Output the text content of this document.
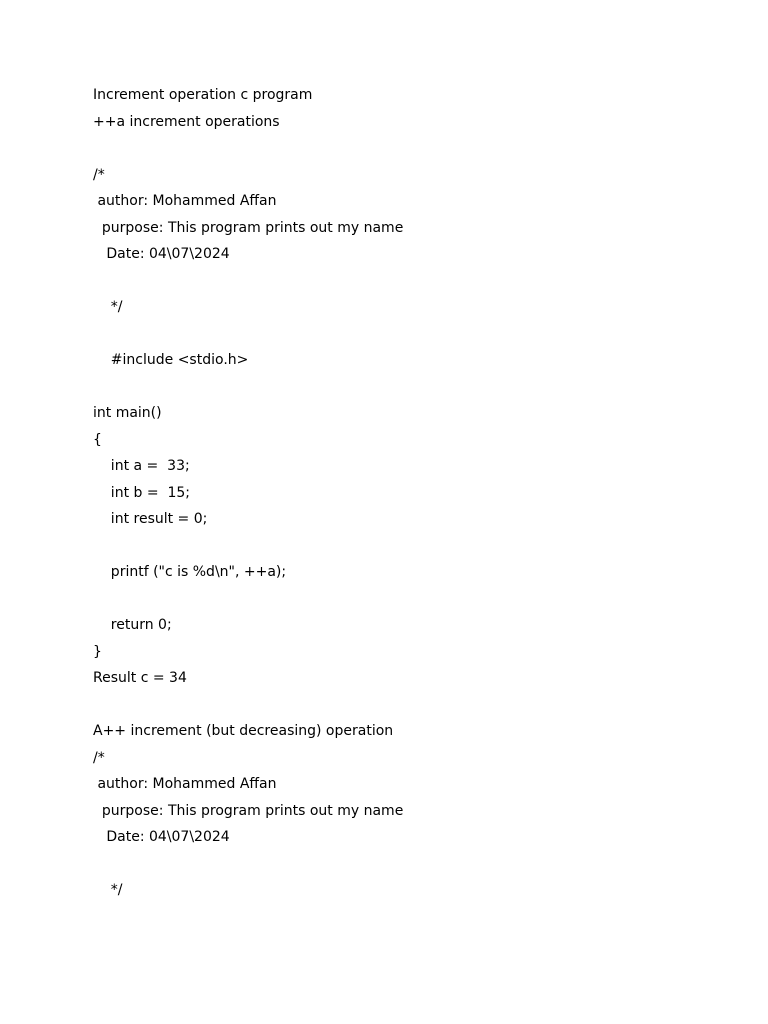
Increment operation c program

++a increment operations

/*

author: Mohammed Affan

purpose: This program prints out my name

Date: 04\07\2024

*/

#include <stdio.h>

int main()

{

int a =  33;

int b =  15;

int result = 0;

printf ("c is %d\n", ++a);

return 0;

}

Result c = 34

A++ increment (but decreasing) operation

/*

author: Mohammed Affan

purpose: This program prints out my name

Date: 04\07\2024

*/
